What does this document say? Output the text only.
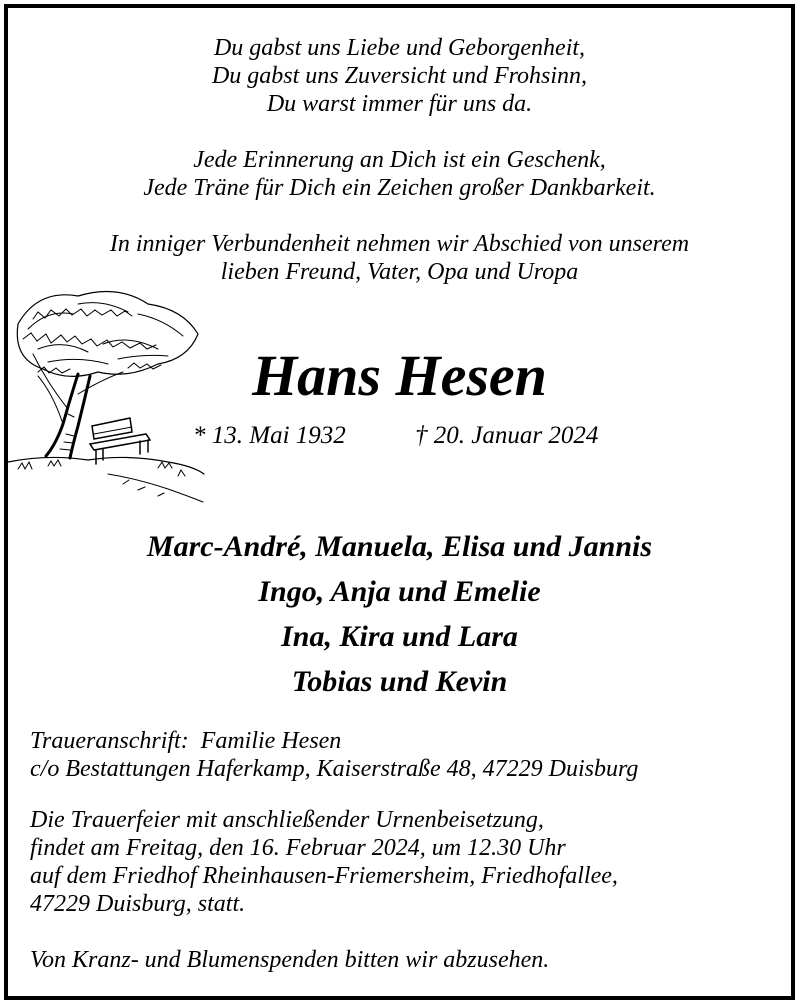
Du gabst uns Liebe und Geborgenheit,
Du gabst uns Zuversicht und Frohsinn,
Du warst immer für uns da.
Jede Erinnerung an Dich ist ein Geschenk,
Jede Träne für Dich ein Zeichen großer Dankbarkeit.
In inniger Verbundenheit nehmen wir Abschied von unserem
lieben Freund, Vater, Opa und Uropa
Hans Hesen
* 13. Mai 1932	† 20. Januar 2024
Marc-André, Manuela, Elisa und Jannis
Ingo, Anja und Emelie
Ina, Kira und Lara
Tobias und Kevin
Traueranschrift:  Familie Hesen
c/o Bestattungen Haferkamp, Kaiserstraße 48, 47229 Duisburg
Die Trauerfeier mit anschließender Urnenbeisetzung,
findet am Freitag, den 16. Februar 2024, um 12.30 Uhr
auf dem Friedhof Rheinhausen-Friemersheim, Friedhofallee,
47229 Duisburg, statt.
Von Kranz- und Blumenspenden bitten wir abzusehen.
